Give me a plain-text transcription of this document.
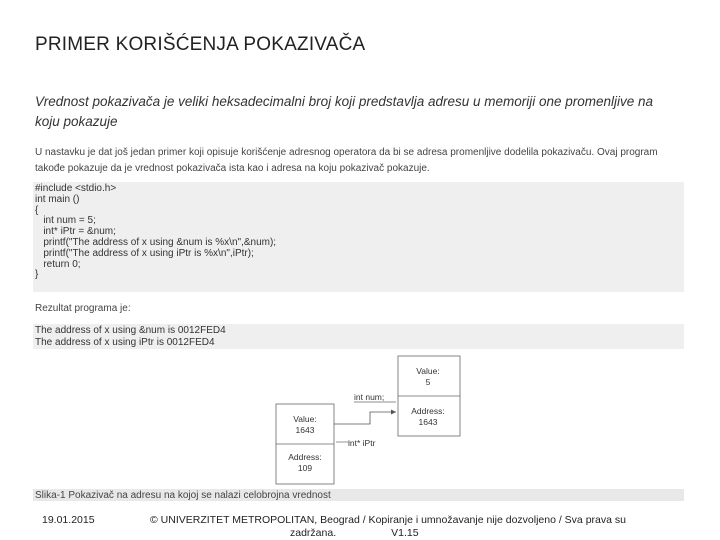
PRIMER KORIŠĆENJA POKAZIVAČA
Vrednost pokazivača je veliki heksadecimalni broj koji predstavlja adresu u memoriji one promenljive na koju pokazuje
U nastavku je dat još jedan primer koji opisuje korišćenje adresnog operatora da bi se adresa promenljive dodelila pokazivaču. Ovaj program takođe pokazuje da je vrednost pokazivača ista kao i adresa na koju pokazivač pokazuje.
#include <stdio.h>
int main ()
{
int num = 5;
int* iPtr = &num;
printf("The address of x using &num is %x\n",&num);
printf("The address of x using iPtr is %x\n",iPtr);
return 0;
}
Rezultat programa je:
The address of x using &num is 0012FED4
The address of x using iPtr is 0012FED4
Value:
5
Address:
1643
int num;
Value:
1643
Address:
109
int* iPtr
Slika-1 Pokazivač na adresu na kojoj se nalazi celobrojna vrednost
19.01.2015	© UNIVERZITET METROPOLITAN, Beograd / Kopiranje i umnožavanje nije dozvoljeno / Sva prava su
zadržana.	V1.15
